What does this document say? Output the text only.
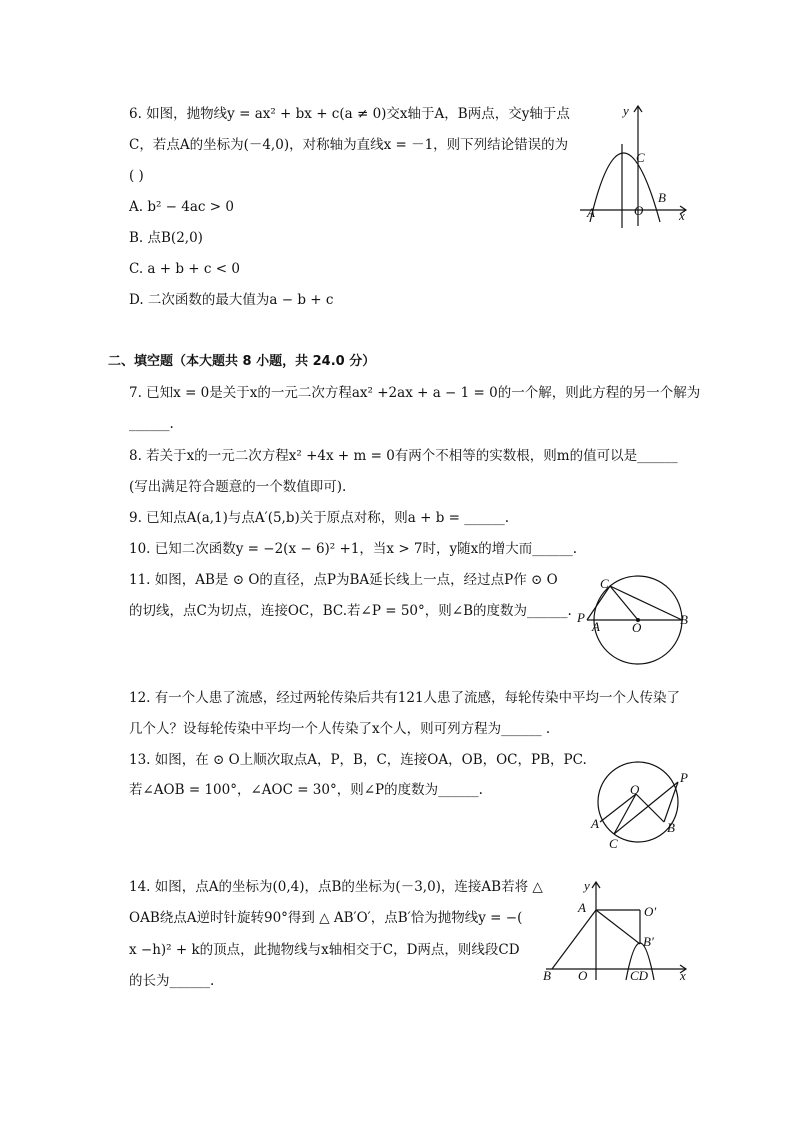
6. 如图，抛物线y = ax² + bx + c(a ≠ 0)交x轴于A，B两点，交y轴于点
C，若点A的坐标为(－4,0)，对称轴为直线x = －1，则下列结论错误的为
( )
A. b² − 4ac > 0
B. 点B(2,0)
C. a + b + c < 0
D. 二次函数的最大值为a − b + c
y
x
A	O
B
C
二、填空题（本大题共 8 小题，共 24.0 分）
7. 已知x = 0是关于x的一元二次方程ax² +2ax + a − 1 = 0的一个解，则此方程的另一个解为
______.
8. 若关于x的一元二次方程x² +4x + m = 0有两个不相等的实数根，则m的值可以是______
(写出满足符合题意的一个数值即可).
9. 已知点A(a,1)与点A′(5,b)关于原点对称，则a + b = ______.
10. 已知二次函数y = −2(x − 6)² +1，当x > 7时，y随x的增大而______.
11. 如图，AB是 ⊙ O的直径，点P为BA延长线上一点，经过点P作 ⊙ O
的切线，点C为切点，连接OC，BC.若∠P = 50°，则∠B的度数为______.
C
P
A O
B
12. 有一个人患了流感，经过两轮传染后共有121人患了流感，每轮传染中平均一个人传染了
几个人？设每轮传染中平均一个人传染了x个人，则可列方程为______ .
13. 如图，在 ⊙ O上顺次取点A，P，B，C，连接OA，OB，OC，PB，PC.
若∠AOB = 100°，∠AOC = 30°，则∠P的度数为______.
P
O
A	B
C
14. 如图，点A的坐标为(0,4)，点B的坐标为(－3,0)，连接AB若将 △
OAB绕点A逆时针旋转90°得到 △ AB′O′，点B′恰为抛物线y = −(
x −h)² + k的顶点，此抛物线与x轴相交于C，D两点，则线段CD
的长为______.
y
A	O′
B′
B O	CD x
